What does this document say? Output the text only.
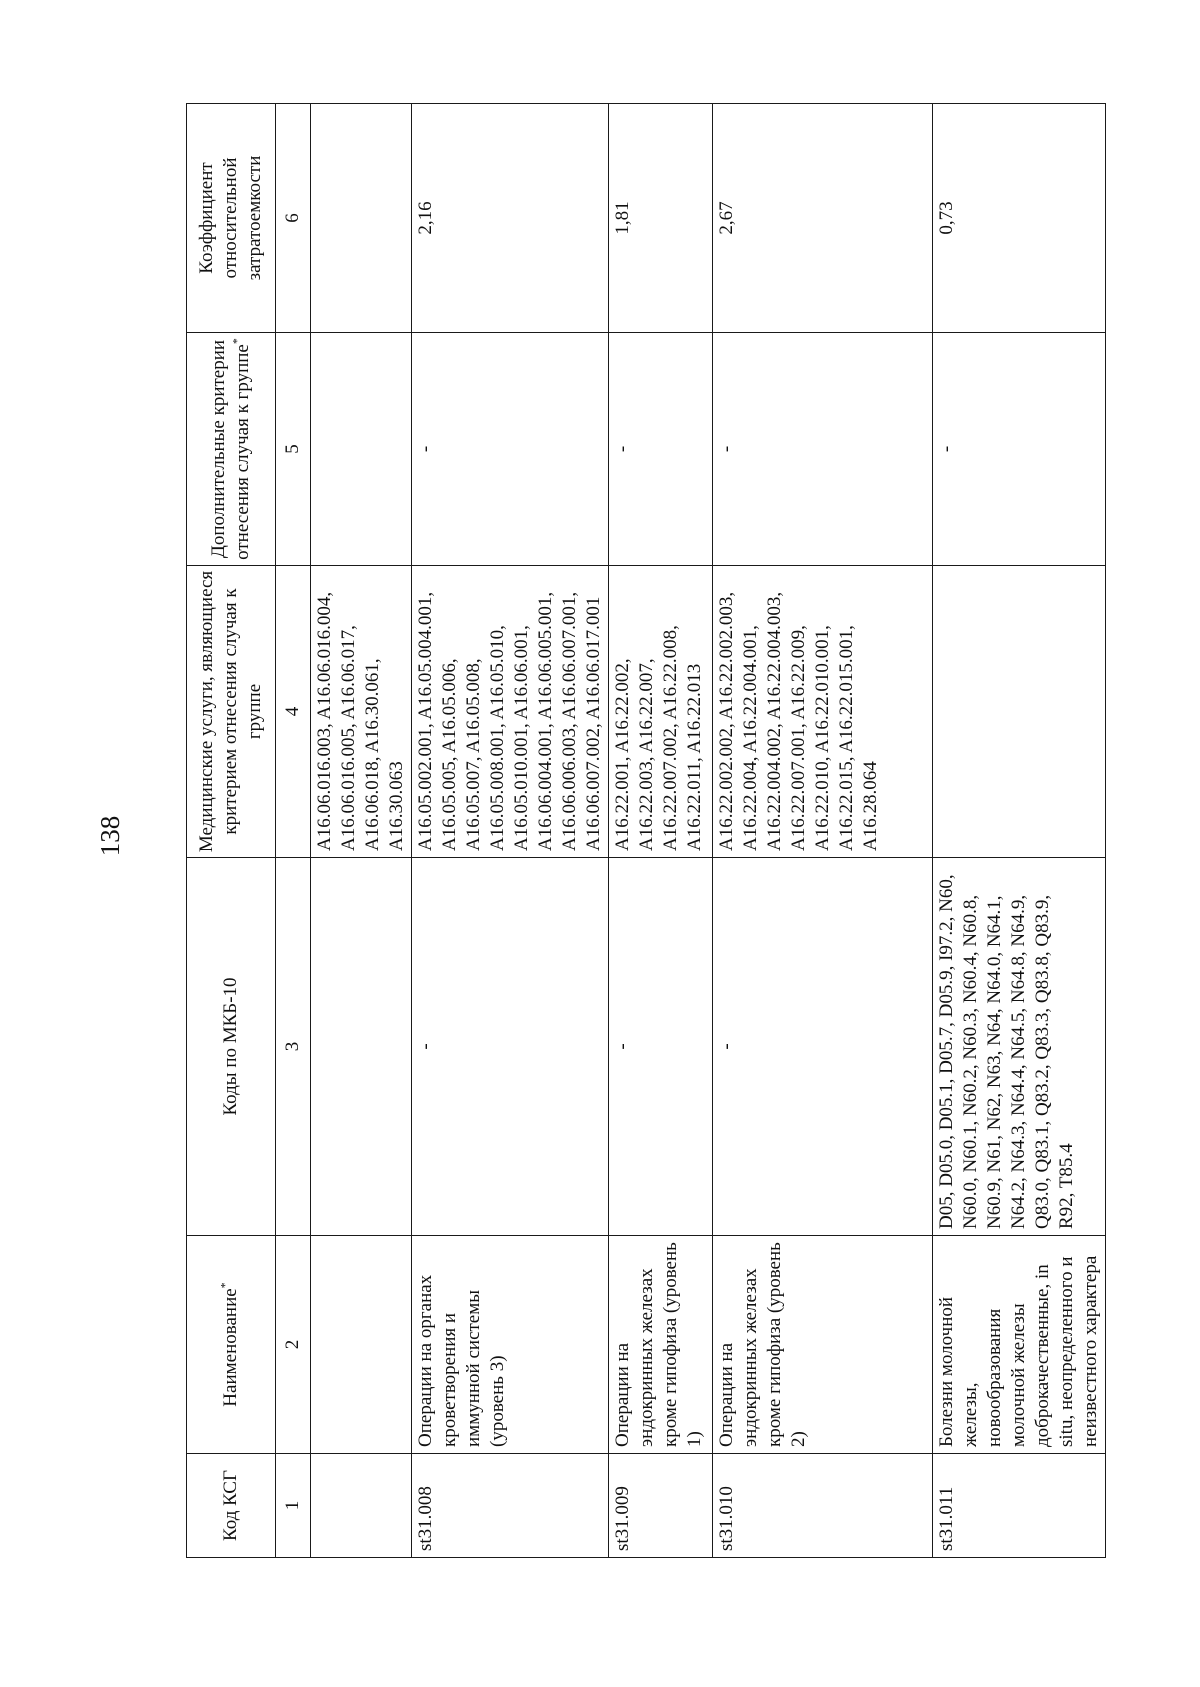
138
Код КСГ	Наименование*	Коды по МКБ-10	Медицинские услуги, являющиеся критерием отнесения случая к группе	Дополнительные критерии отнесения случая к группе*	Коэффициент относительной затратоемкости
1	2	3	4	5	6
			A16.06.016.003, A16.06.016.004, A16.06.016.005, A16.06.017, A16.06.018, A16.30.061, A16.30.063		
st31.008	Операции на органах кроветворения и иммунной системы (уровень 3)	-	A16.05.002.001, A16.05.004.001, A16.05.005, A16.05.006, A16.05.007, A16.05.008, A16.05.008.001, A16.05.010, A16.05.010.001, A16.06.001, A16.06.004.001, A16.06.005.001, A16.06.006.003, A16.06.007.001, A16.06.007.002, A16.06.017.001	-	2,16
st31.009	Операции на эндокринных железах кроме гипофиза (уровень 1)	-	A16.22.001, A16.22.002, A16.22.003, A16.22.007, A16.22.007.002, A16.22.008, A16.22.011, A16.22.013	-	1,81
st31.010	Операции на эндокринных железах кроме гипофиза (уровень 2)	-	A16.22.002.002, A16.22.002.003, A16.22.004, A16.22.004.001, A16.22.004.002, A16.22.004.003, A16.22.007.001, A16.22.009, A16.22.010, A16.22.010.001, A16.22.015, A16.22.015.001, A16.28.064	-	2,67
st31.011	Болезни молочной железы, новообразования молочной железы доброкачественные, in situ, неопределенного и неизвестного характера	D05, D05.0, D05.1, D05.7, D05.9, I97.2, N60, N60.0, N60.1, N60.2, N60.3, N60.4, N60.8, N60.9, N61, N62, N63, N64, N64.0, N64.1, N64.2, N64.3, N64.4, N64.5, N64.8, N64.9, Q83.0, Q83.1, Q83.2, Q83.3, Q83.8, Q83.9, R92, T85.4		-	0,73
